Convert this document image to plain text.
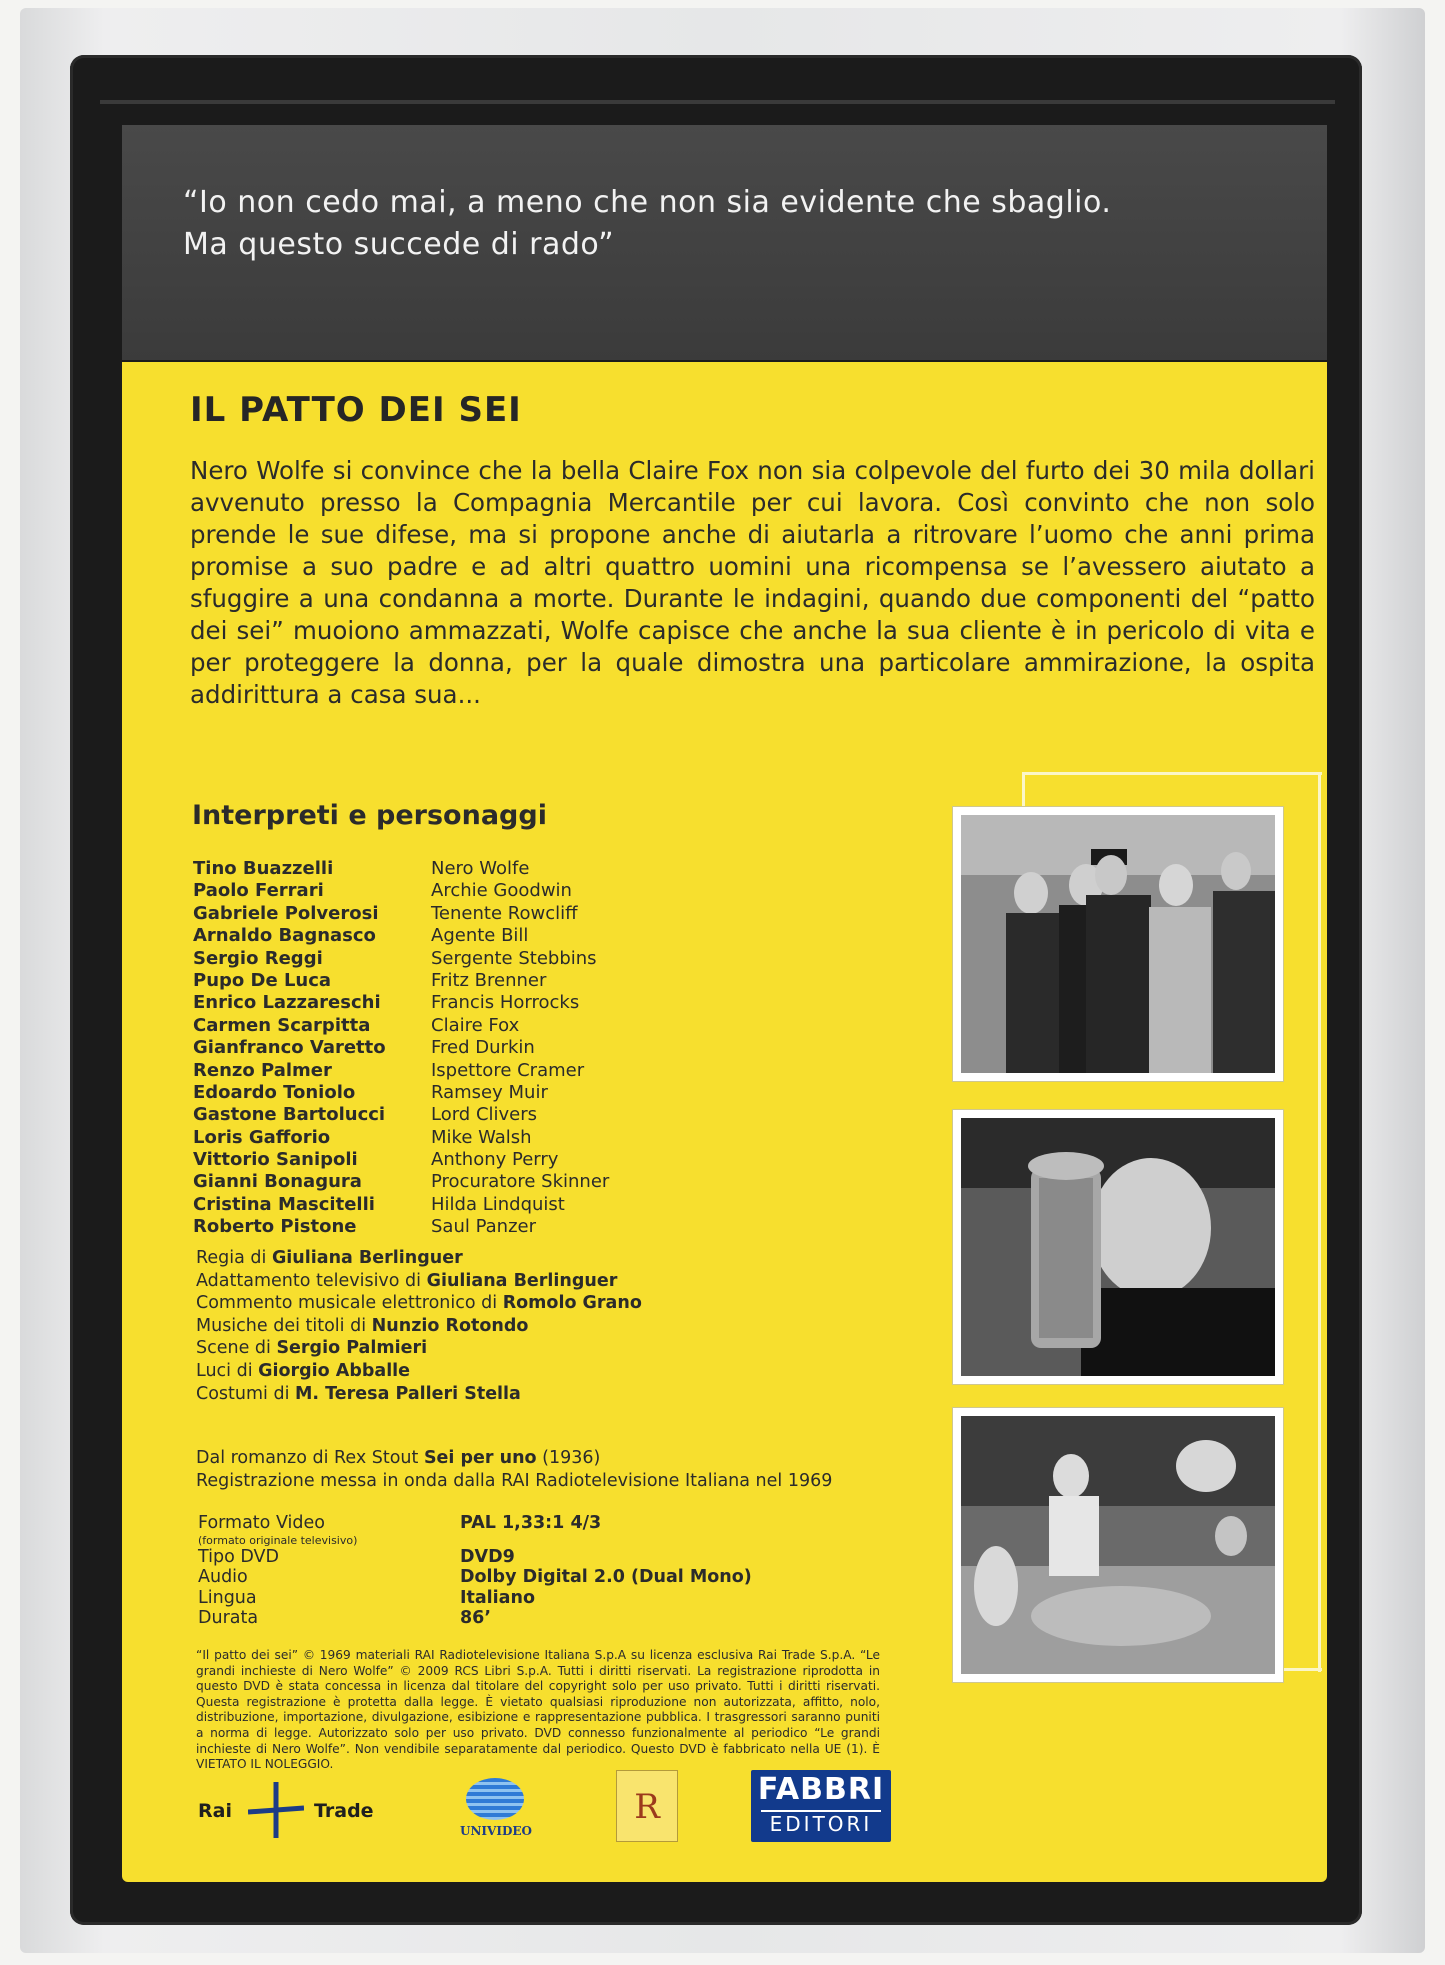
“Io non cedo mai, a meno che non sia evidente che sbaglio.
Ma questo succede di rado”
IL PATTO DEI SEI
Nero Wolfe si convince che la bella Claire Fox non sia colpevole del furto dei 30 mila dollari avvenuto presso la Compagnia Mercantile per cui lavora. Così convinto che non solo prende le sue difese, ma si propone anche di aiutarla a ritrovare l’uomo che anni prima promise a suo padre e ad altri quattro uomini una ricompensa se l’avessero aiutato a sfuggire a una condanna a morte. Durante le indagini, quando due componenti del “patto dei sei” muoiono ammazzati, Wolfe capisce che anche la sua cliente è in pericolo di vita e per proteggere la donna, per la quale dimostra una particolare ammirazione, la ospita addirittura a casa sua...
Interpreti e personaggi
Tino Buazzelli	Nero Wolfe
Paolo Ferrari	Archie Goodwin
Gabriele Polverosi	Tenente Rowcliff
Arnaldo Bagnasco	Agente Bill
Sergio Reggi	Sergente Stebbins
Pupo De Luca	Fritz Brenner
Enrico Lazzareschi	Francis Horrocks
Carmen Scarpitta	Claire Fox
Gianfranco Varetto	Fred Durkin
Renzo Palmer	Ispettore Cramer
Edoardo Toniolo	Ramsey Muir
Gastone Bartolucci	Lord Clivers
Loris Gafforio	Mike Walsh
Vittorio Sanipoli	Anthony Perry
Gianni Bonagura	Procuratore Skinner
Cristina Mascitelli	Hilda Lindquist
Roberto Pistone	Saul Panzer
Regia di Giuliana Berlinguer
Adattamento televisivo di Giuliana Berlinguer
Commento musicale elettronico di Romolo Grano
Musiche dei titoli di Nunzio Rotondo
Scene di Sergio Palmieri
Luci di Giorgio Abballe
Costumi di M. Teresa Palleri Stella
Dal romanzo di Rex Stout Sei per uno (1936)
Registrazione messa in onda dalla RAI Radiotelevisione Italiana nel 1969
Formato Video	PAL 1,33:1 4/3
(formato originale televisivo)
Tipo DVD	DVD9
Audio	Dolby Digital 2.0 (Dual Mono)
Lingua	Italiano
Durata	86’
“Il patto dei sei” © 1969 materiali RAI Radiotelevisione Italiana S.p.A su licenza esclusiva Rai Trade S.p.A. “Le grandi inchieste di Nero Wolfe” © 2009 RCS Libri S.p.A. Tutti i diritti riservati. La registrazione riprodotta in questo DVD è stata concessa in licenza dal titolare del copyright solo per uso privato. Tutti i diritti riservati. Questa registrazione è protetta dalla legge. È vietato qualsiasi riproduzione non autorizzata, affitto, nolo, distribuzione, importazione, divulgazione, esibizione e rappresentazione pubblica. I trasgressori saranno puniti a norma di legge. Autorizzato solo per uso privato. DVD connesso funzionalmente al periodico “Le grandi inchieste di Nero Wolfe”. Non vendibile separatamente dal periodico. Questo DVD è fabbricato nella UE (1). È VIETATO IL NOLEGGIO.
Rai	Trade
UNIVIDEO
R	FABBRI
EDITORI
